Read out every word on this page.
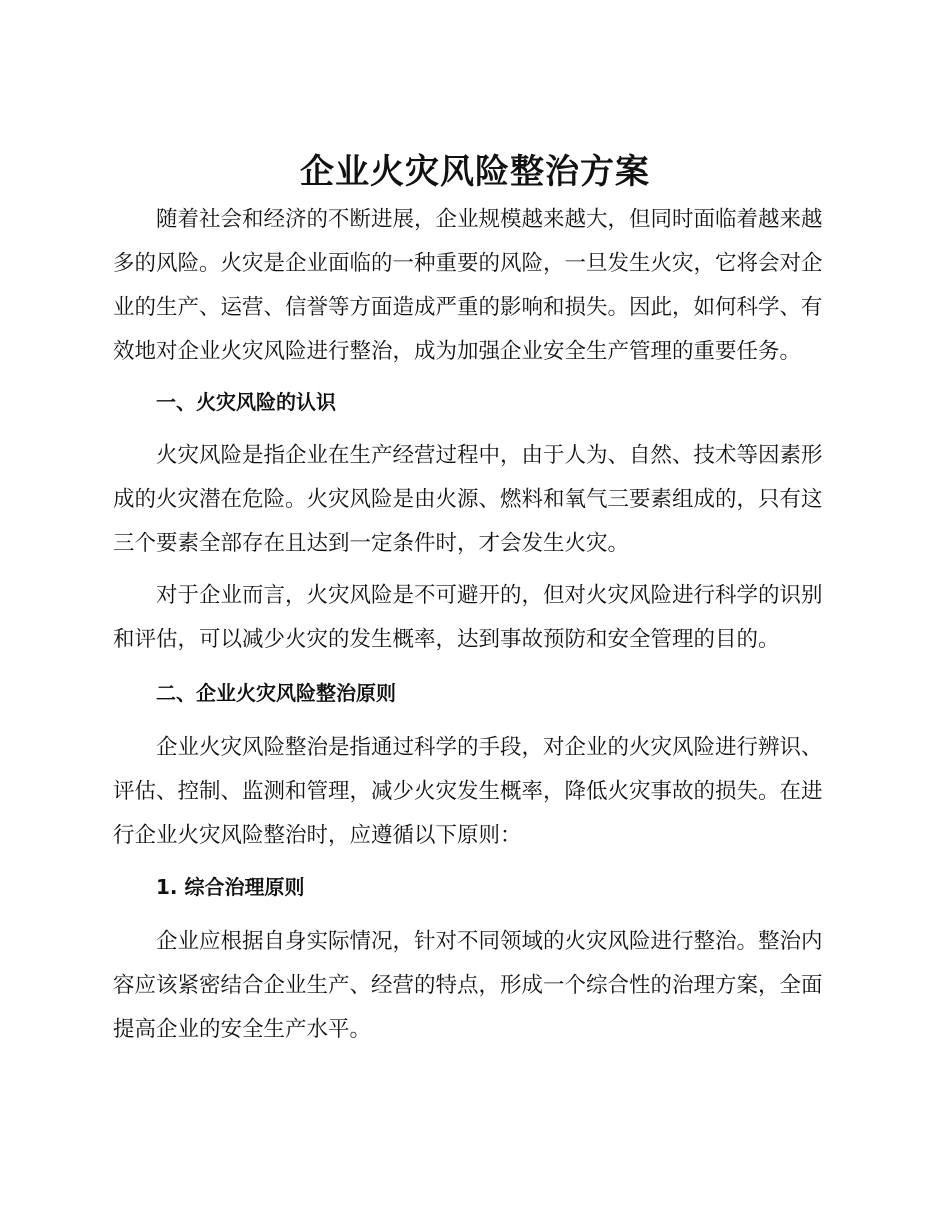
企业火灾风险整治方案

随着社会和经济的不断进展，企业规模越来越大，但同时面临着越来越
多的风险。火灾是企业面临的一种重要的风险，一旦发生火灾，它将会对企
业的生产、运营、信誉等方面造成严重的影响和损失。因此，如何科学、有
效地对企业火灾风险进行整治，成为加强企业安全生产管理的重要任务。

一、火灾风险的认识

火灾风险是指企业在生产经营过程中，由于人为、自然、技术等因素形
成的火灾潜在危险。火灾风险是由火源、燃料和氧气三要素组成的，只有这
三个要素全部存在且达到一定条件时，才会发生火灾。

对于企业而言，火灾风险是不可避开的，但对火灾风险进行科学的识别
和评估，可以减少火灾的发生概率，达到事故预防和安全管理的目的。

二、企业火灾风险整治原则

企业火灾风险整治是指通过科学的手段，对企业的火灾风险进行辨识、
评估、控制、监测和管理，减少火灾发生概率，降低火灾事故的损失。在进
行企业火灾风险整治时，应遵循以下原则：

1. 综合治理原则

企业应根据自身实际情况，针对不同领域的火灾风险进行整治。整治内
容应该紧密结合企业生产、经营的特点，形成一个综合性的治理方案，全面
提高企业的安全生产水平。
